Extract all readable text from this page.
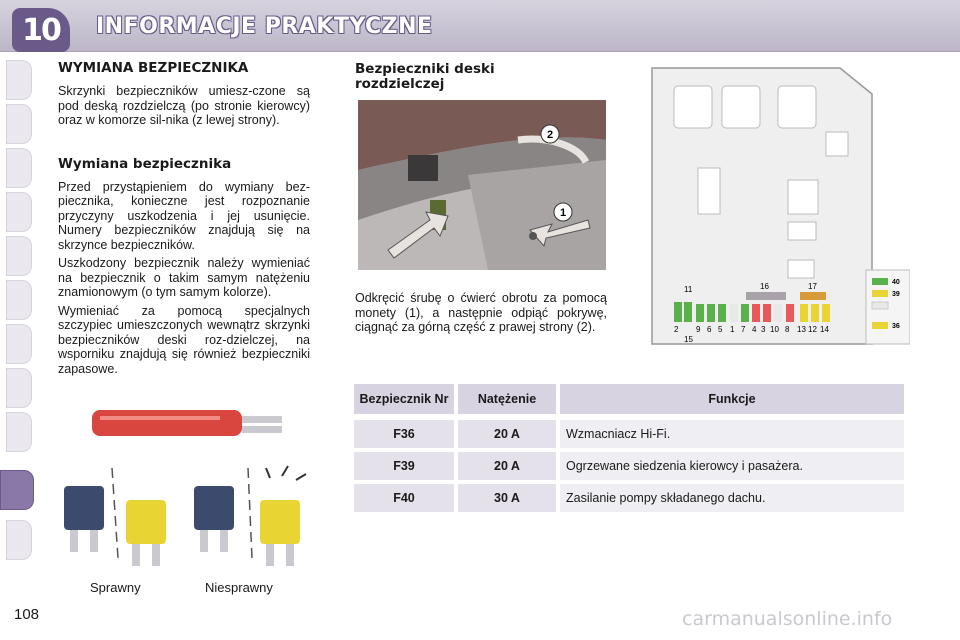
10 INFORMACJE PRAKTYCZNE
WYMIANA BEZPIECZNIKA

Skrzynki bezpieczników umiesz-czone są pod deską rozdzielczą (po stronie kierowcy) oraz w komorze sil-nika (z lewej strony).

Wymiana bezpiecznika

Przed przystąpieniem do wymiany bez-piecznika, konieczne jest rozpoznanie przyczyny uszkodzenia i jej usunięcie. Numery bezpieczników znajdują się na skrzynce bezpieczników.

Uszkodzony bezpiecznik należy wymieniać na bezpiecznik o takim samym natężeniu znamionowym (o tym samym kolorze).

Wymieniać za pomocą specjalnych szczypiec umieszczonych wewnątrz skrzynki bezpieczników deski roz-dzielczej, na wsporniku znajdują się również bezpieczniki zapasowe.

Sprawny	Niesprawny
Bezpieczniki deski rozdzielczej
1
2
Odkręcić śrubę o ćwierć obrotu za pomocą monety (1), a następnie odpiąć pokrywę, ciągnąć za górną część z prawej strony (2).
11	16	17
2 9 6 5 1 7 4 3 10 8 13 12 14
15
40
39
36
Bezpiecznik Nr	Natężenie	Funkcje
F36	20 A	Wzmacniacz Hi-Fi.
F39	20 A	Ogrzewane siedzenia kierowcy i pasażera.
F40	30 A	Zasilanie pompy składanego dachu.
108	carmanualsonline.info
